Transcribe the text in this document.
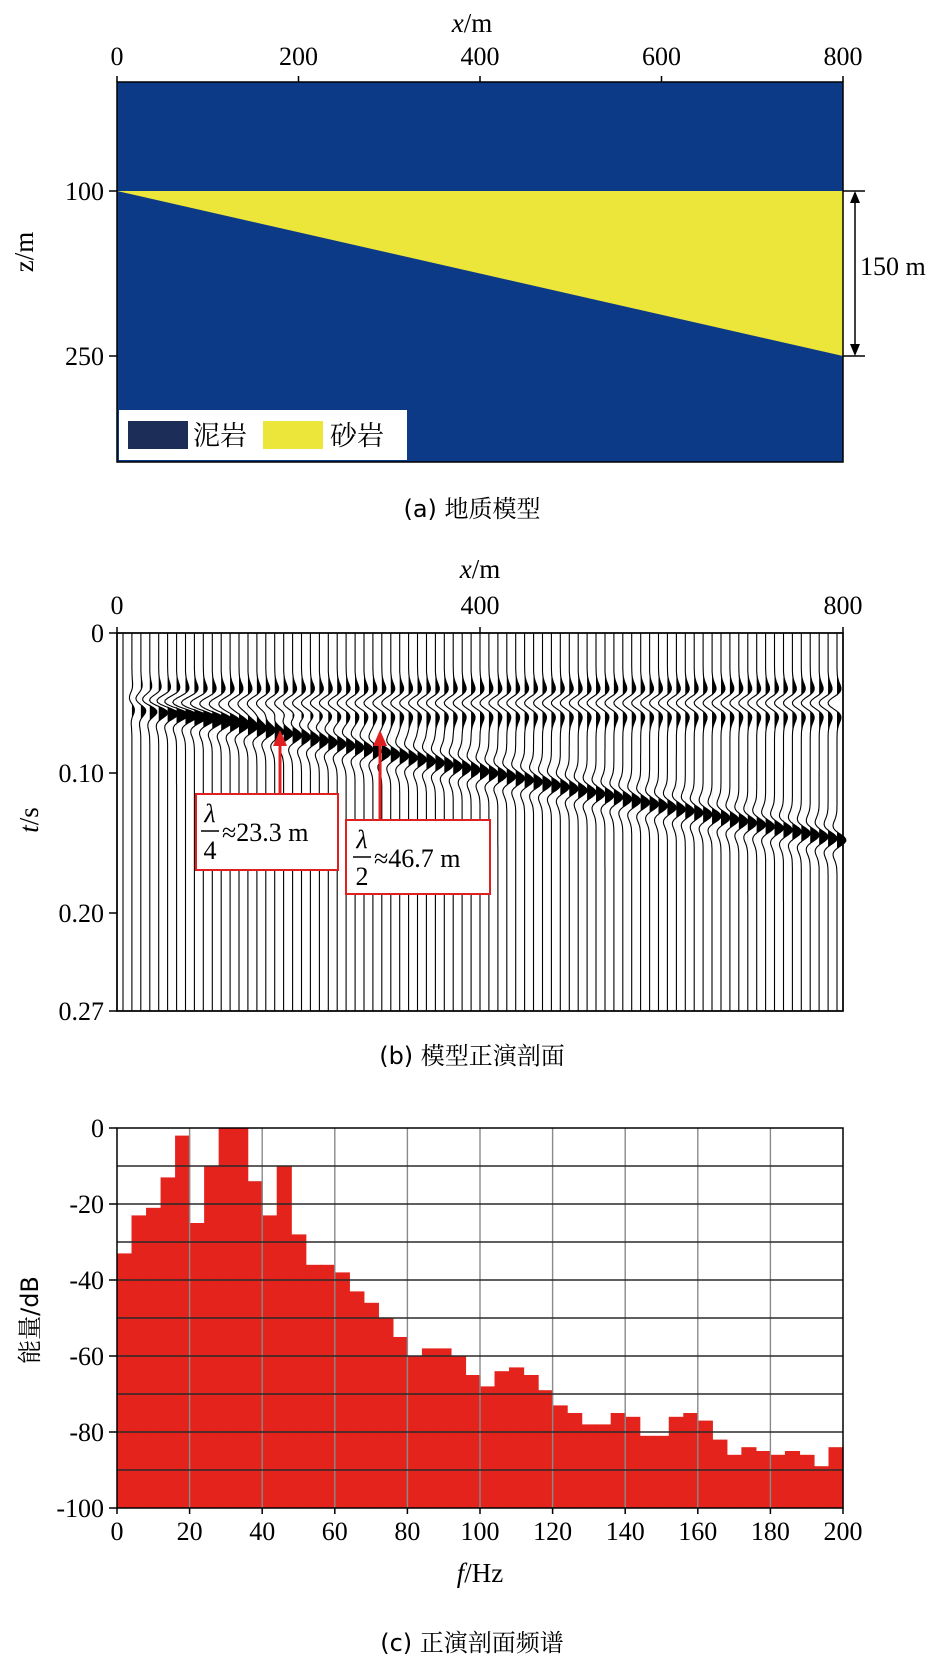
x/m
0	200	400	600	800
100
250
z/m	150 m
泥岩	砂岩
(a) 地质模型
x/m
0	400	800
0
0.10
0.20
0.27
t/s	λ
4
≈23.3 m λ
2
≈46.7 m
(b) 模型正演剖面
0 20 40 60 80 100 120 140 160 180 200
0
-20
-40
-60
-80
-100
f/Hz
能量/dB
(c) 正演剖面频谱
